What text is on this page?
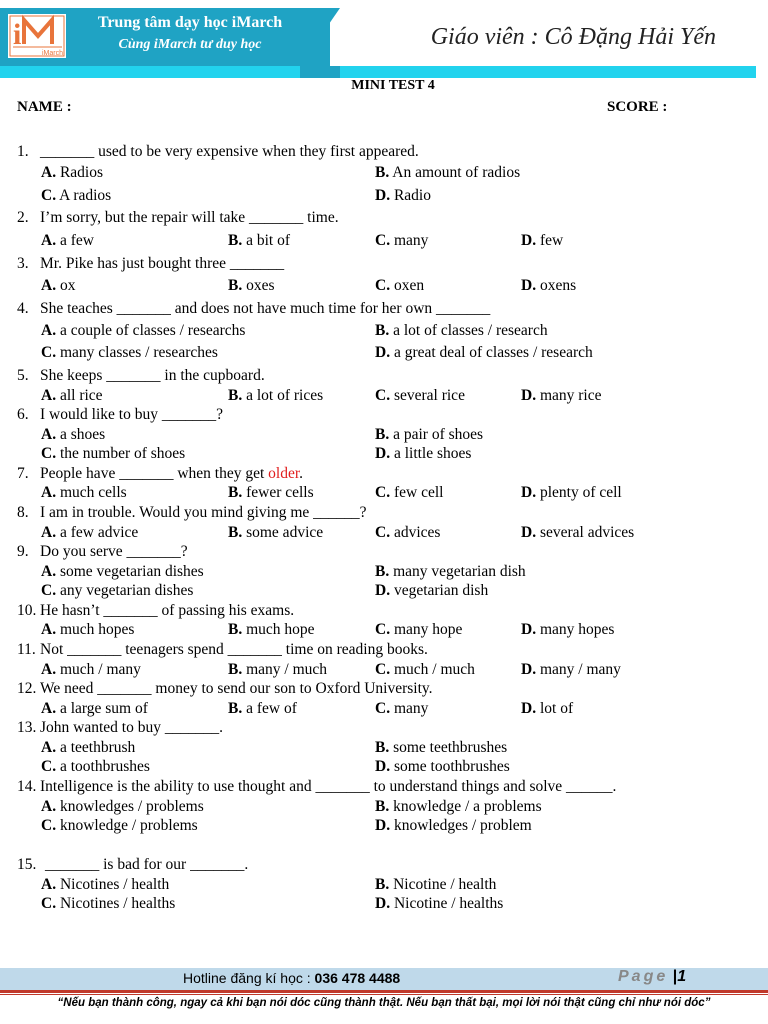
i
iMarch
Trung tâm dạy học iMarch
Cùng iMarch tư duy học	Giáo viên : Cô Đặng Hải Yến
MINI TEST 4
NAME :	SCORE :
1. _______ used to be very expensive when they first appeared.
A. Radios	B. An amount of radios
C. A radios	D. Radio
2. I’m sorry, but the repair will take _______ time.
A. a few	B. a bit of	C. many	D. few
3. Mr. Pike has just bought three _______
A. ox	B. oxes	C. oxen	D. oxens
4. She teaches _______ and does not have much time for her own _______
A. a couple of classes / researchs	B. a lot of classes / research
C. many classes / researches	D. a great deal of classes / research
5. She keeps _______ in the cupboard.
A. all rice	B. a lot of rices	C. several rice	D. many rice
6. I would like to buy _______?
A. a shoes	B. a pair of shoes
C. the number of shoes	D. a little shoes
7. People have _______ when they get older.
A. much cells	B. fewer cells	C. few cell	D. plenty of cell
8. I am in trouble. Would you mind giving me ______?
A. a few advice	B. some advice	C. advices	D. several advices
9. Do you serve _______?
A. some vegetarian dishes	B. many vegetarian dish
C. any vegetarian dishes	D. vegetarian dish
10. He hasn’t _______ of passing his exams.
A. much hopes	B. much hope	C. many hope	D. many hopes
11. Not _______ teenagers spend _______ time on reading books.
A. much / many	B. many / much	C. much / much	D. many / many
12. We need _______ money to send our son to Oxford University.
A. a large sum of	B. a few of	C. many	D. lot of
13. John wanted to buy _______.
A. a teethbrush	B. some teethbrushes
C. a toothbrushes	D. some toothbrushes
14. Intelligence is the ability to use thought and _______ to understand things and solve ______.
A. knowledges / problems	B. knowledge / a problems
C. knowledge / problems	D. knowledges / problem
15. _______ is bad for our _______.
A. Nicotines / health	B. Nicotine / health
C. Nicotines / healths	D. Nicotine / healths
Hotline đăng kí học : 036 478 4488	Page |1
“Nếu bạn thành công, ngay cả khi bạn nói dóc cũng thành thật. Nếu bạn thất bại, mọi lời nói thật cũng chỉ như nói dóc”
